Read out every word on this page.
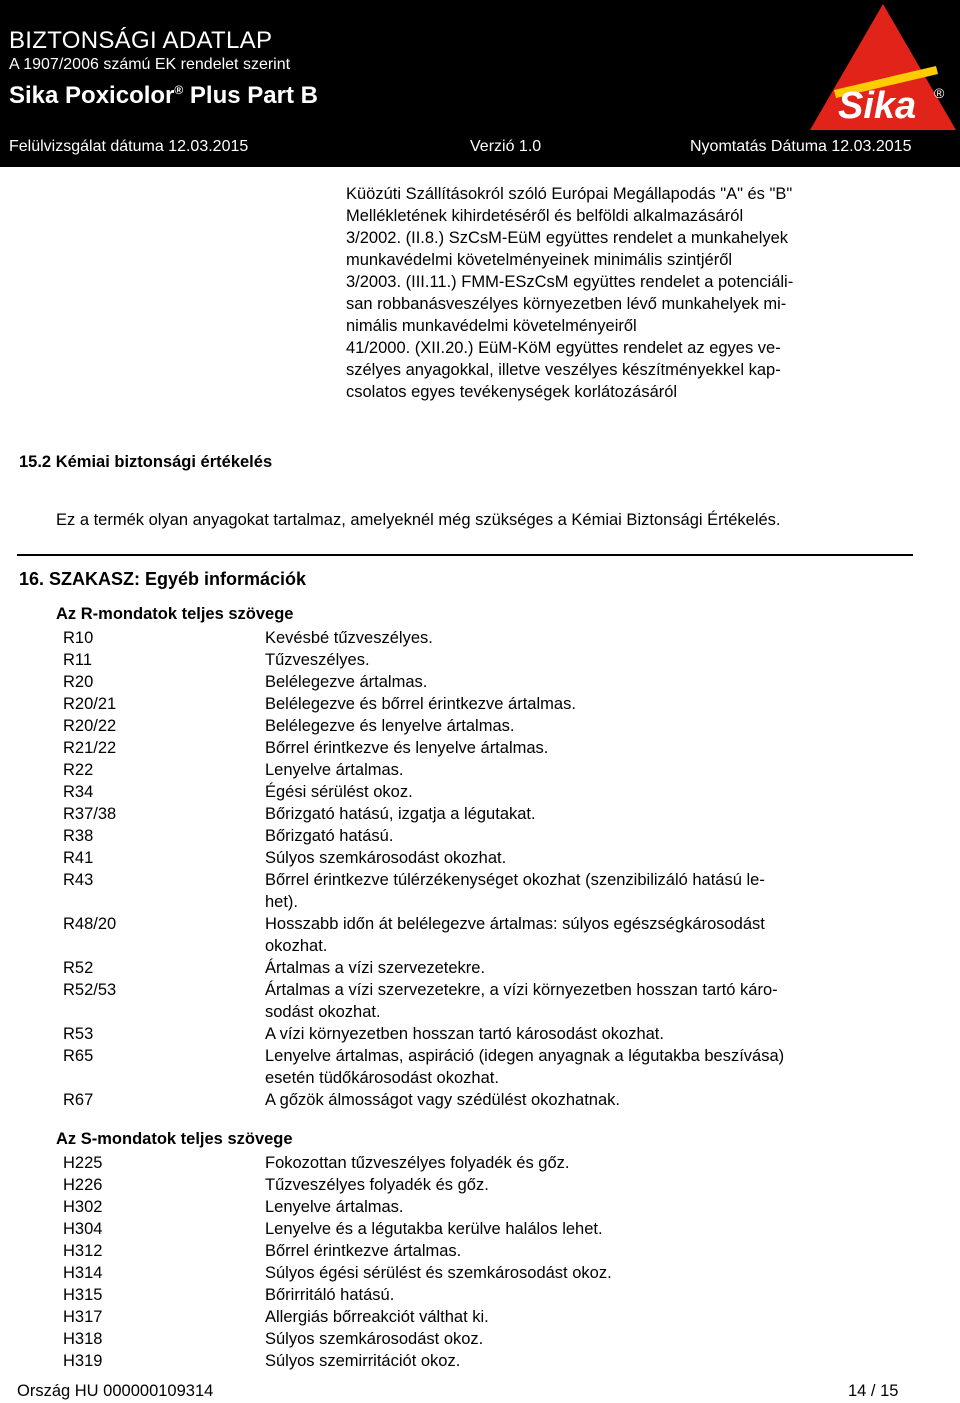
BIZTONSÁGI ADATLAP
A 1907/2006 számú EK rendelet szerint
Sika Poxicolor® Plus Part B
Felülvizsgálat dátuma 12.03.2015	Verzió 1.0	Nyomtatás Dátuma 12.03.2015
Sika ®
Küözúti Szállításokról szóló Európai Megállapodás "A" és "B"
Mellékletének kihirdetéséről és belföldi alkalmazásáról
3/2002. (II.8.) SzCsM-EüM együttes rendelet a munkahelyek
munkavédelmi követelményeinek minimális szintjéről
3/2003. (III.11.) FMM-ESzCsM együttes rendelet a potenciáli-
san robbanásveszélyes környezetben lévő munkahelyek mi-
nimális munkavédelmi követelményeiről
41/2000. (XII.20.) EüM-KöM együttes rendelet az egyes ve-
szélyes anyagokkal, illetve veszélyes készítményekkel kap-
csolatos egyes tevékenységek korlátozásáról
15.2 Kémiai biztonsági értékelés
Ez a termék olyan anyagokat tartalmaz, amelyeknél még szükséges a Kémiai Biztonsági Értékelés.
16. SZAKASZ: Egyéb információk
Az R-mondatok teljes szövege
R10	Kevésbé tűzveszélyes.
R11	Tűzveszélyes.
R20	Belélegezve ártalmas.
R20/21	Belélegezve és bőrrel érintkezve ártalmas.
R20/22	Belélegezve és lenyelve ártalmas.
R21/22	Bőrrel érintkezve és lenyelve ártalmas.
R22	Lenyelve ártalmas.
R34	Égési sérülést okoz.
R37/38	Bőrizgató hatású, izgatja a légutakat.
R38	Bőrizgató hatású.
R41	Súlyos szemkárosodást okozhat.
R43	Bőrrel érintkezve túlérzékenységet okozhat (szenzibilizáló hatású le-
het).
R48/20	Hosszabb időn át belélegezve ártalmas: súlyos egészségkárosodást
okozhat.
R52	Ártalmas a vízi szervezetekre.
R52/53	Ártalmas a vízi szervezetekre, a vízi környezetben hosszan tartó káro-
sodást okozhat.
R53	A vízi környezetben hosszan tartó károsodást okozhat.
R65	Lenyelve ártalmas, aspiráció (idegen anyagnak a légutakba beszívása)
esetén tüdőkárosodást okozhat.
R67	A gőzök álmosságot vagy szédülést okozhatnak.
Az S-mondatok teljes szövege
H225	Fokozottan tűzveszélyes folyadék és gőz.
H226	Tűzveszélyes folyadék és gőz.
H302	Lenyelve ártalmas.
H304	Lenyelve és a légutakba kerülve halálos lehet.
H312	Bőrrel érintkezve ártalmas.
H314	Súlyos égési sérülést és szemkárosodást okoz.
H315	Bőrirritáló hatású.
H317	Allergiás bőrreakciót válthat ki.
H318	Súlyos szemkárosodást okoz.
H319	Súlyos szemirritációt okoz.
Ország HU 000000109314	14 / 15
